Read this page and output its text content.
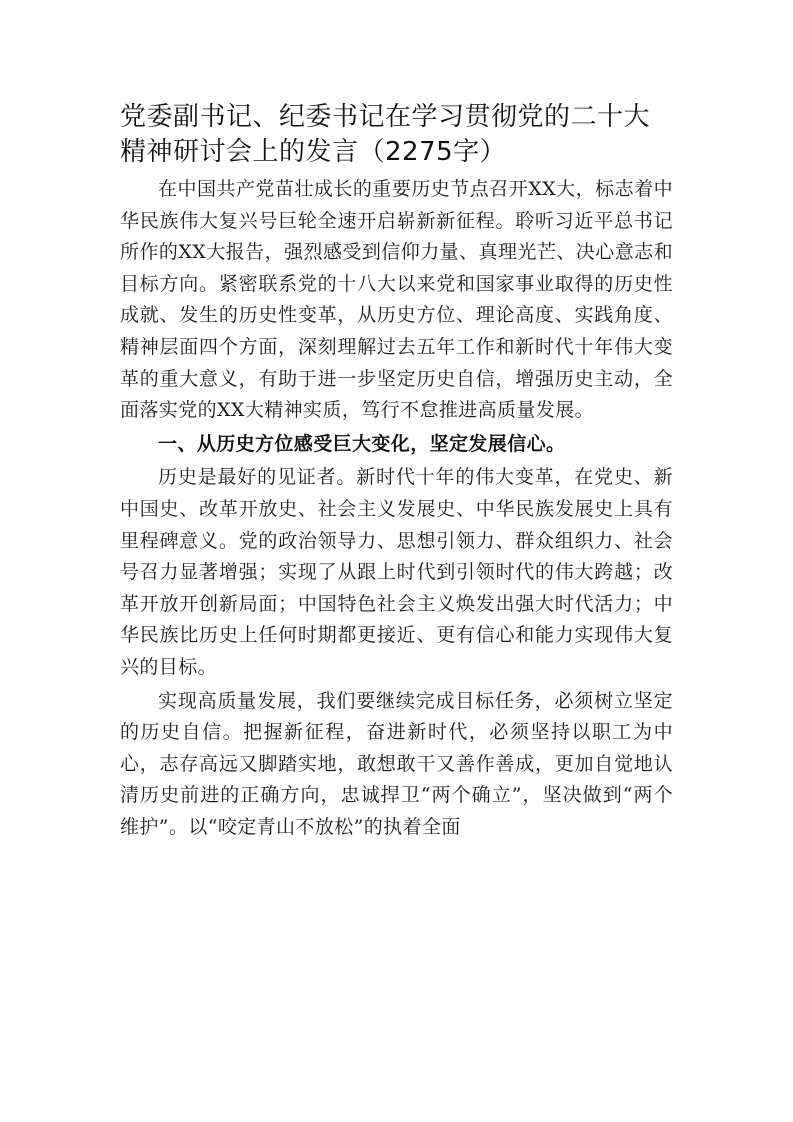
党委副书记、纪委书记在学习贯彻党的二十大精神研讨会上的发言（2275字）

在中国共产党苗壮成长的重要历史节点召开XX大，标志着中华民族伟大复兴号巨轮全速开启崭新新征程。聆听习近平总书记所作的XX大报告，强烈感受到信仰力量、真理光芒、决心意志和目标方向。紧密联系党的十八大以来党和国家事业取得的历史性成就、发生的历史性变革，从历史方位、理论高度、实践角度、精神层面四个方面，深刻理解过去五年工作和新时代十年伟大变革的重大意义，有助于进一步坚定历史自信，增强历史主动，全面落实党的XX大精神实质，笃行不怠推进高质量发展。

一、从历史方位感受巨大变化，坚定发展信心。

历史是最好的见证者。新时代十年的伟大变革，在党史、新中国史、改革开放史、社会主义发展史、中华民族发展史上具有里程碑意义。党的政治领导力、思想引领力、群众组织力、社会号召力显著增强；实现了从跟上时代到引领时代的伟大跨越；改革开放开创新局面；中国特色社会主义焕发出强大时代活力；中华民族比历史上任何时期都更接近、更有信心和能力实现伟大复兴的目标。

实现高质量发展，我们要继续完成目标任务，必须树立坚定的历史自信。把握新征程，奋进新时代，必须坚持以职工为中心，志存高远又脚踏实地，敢想敢干又善作善成，更加自觉地认清历史前进的正确方向，忠诚捍卫“两个确立”，坚决做到“两个维护”。以“咬定青山不放松”的执着全面
